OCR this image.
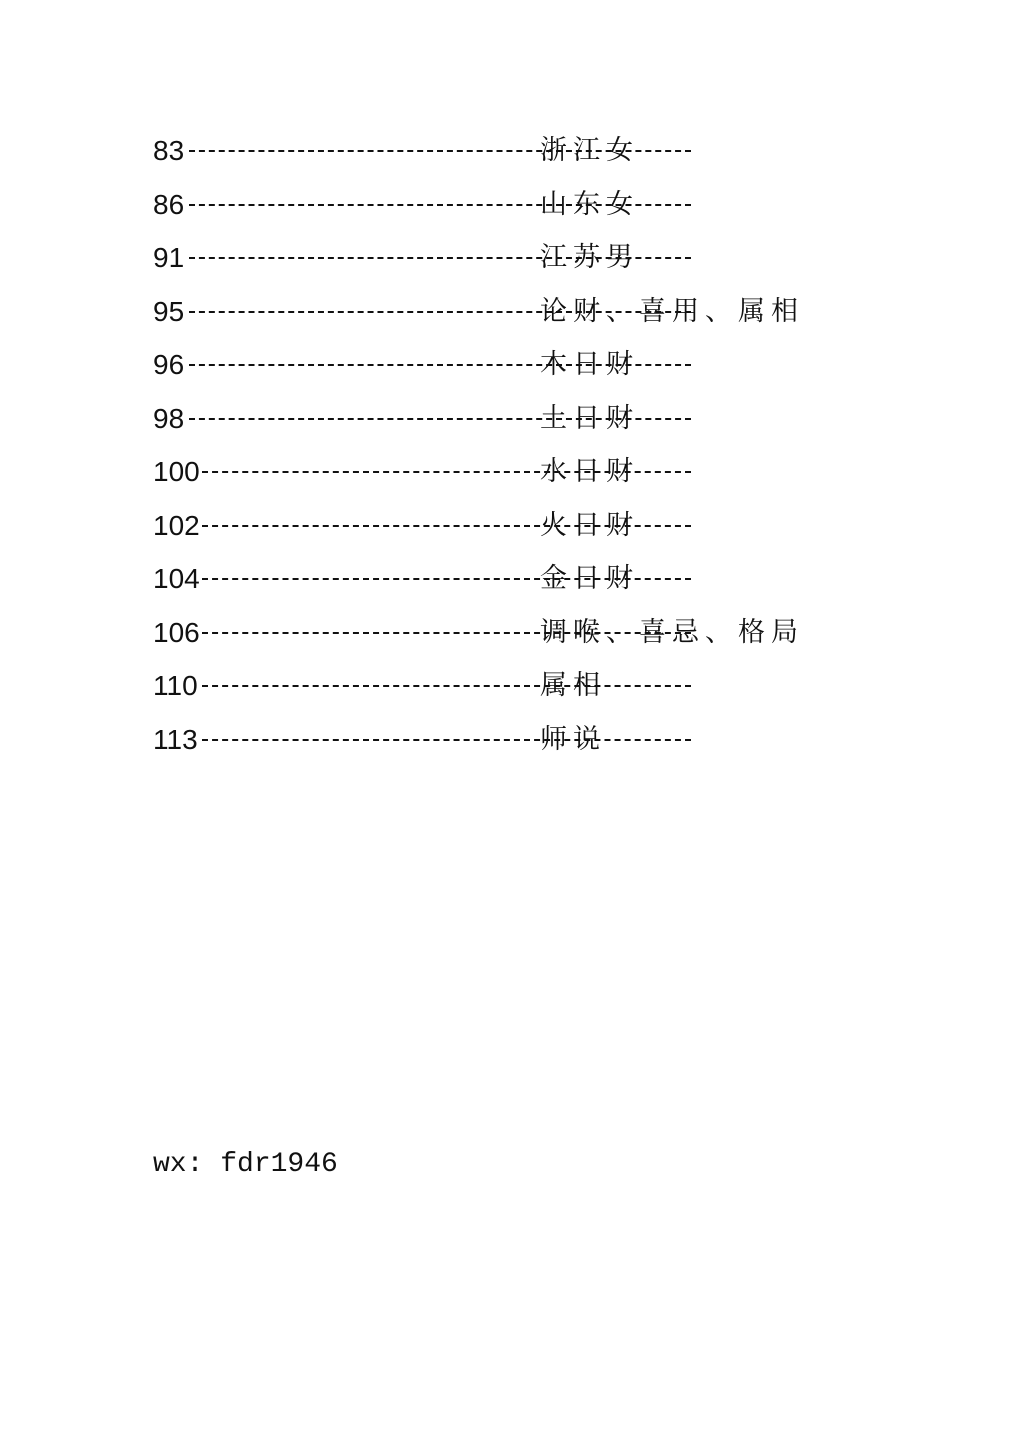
83	浙江女
86	山东女
91	江苏男
95	论财、喜用、属相
96	木日财
98	土日财
100	水日财
102	火日财
104	金日财
106	调喉、喜忌、格局
110	属相
113	师说
wx: fdr1946
